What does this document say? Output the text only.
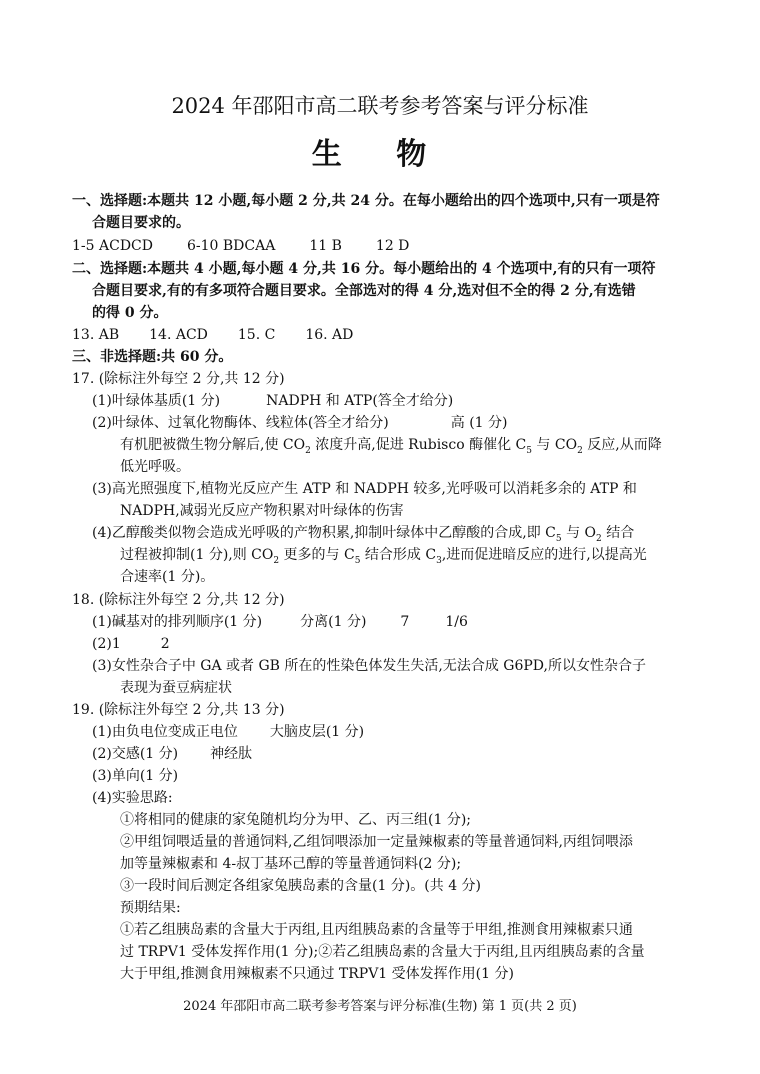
2024 年邵阳市高二联考参考答案与评分标准
生 物
一、选择题:本题共 12 小题,每小题 2 分,共 24 分。在每小题给出的四个选项中,只有一项是符
合题目要求的。
1-5 ACDCD 6-10 BDCAA 11 B 12 D
二、选择题:本题共 4 小题,每小题 4 分,共 16 分。每小题给出的 4 个选项中,有的只有一项符
合题目要求,有的有多项符合题目要求。全部选对的得 4 分,选对但不全的得 2 分,有选错
的得 0 分。
13. AB 14. ACD 15. C 16. AD
三、非选择题:共 60 分。
17. (除标注外每空 2 分,共 12 分)
(1)叶绿体基质(1 分)	NADPH 和 ATP(答全才给分)
(2)叶绿体、过氧化物酶体、线粒体(答全才给分)	高 (1 分)
有机肥被微生物分解后,使 $CO_2$ 浓度升高,促进 Rubisco 酶催化 $C_5$ 与 $CO_2$ 反应,从而降
低光呼吸。
(3)高光照强度下,植物光反应产生 ATP 和 NADPH 较多,光呼吸可以消耗多余的 ATP 和
NADPH,减弱光反应产物积累对叶绿体的伤害
(4)乙醇酸类似物会造成光呼吸的产物积累,抑制叶绿体中乙醇酸的合成,即 $C_5$ 与 $O_2$ 结合
过程被抑制(1 分),则 $CO_2$ 更多的与 $C_5$ 结合形成 $C_3$,进而促进暗反应的进行,以提高光
合速率(1 分)。
18. (除标注外每空 2 分,共 12 分)
(1)碱基对的排列顺序(1 分)	分离(1 分) 7	1/6
(2)1	2
(3)女性杂合子中 GA 或者 GB 所在的性染色体发生失活,无法合成 G6PD,所以女性杂合子
表现为蚕豆病症状
19. (除标注外每空 2 分,共 13 分)
(1)由负电位变成正电位 大脑皮层(1 分)
(2)交感(1 分) 神经肽
(3)单向(1 分)
(4)实验思路:
①将相同的健康的家兔随机均分为甲、乙、丙三组(1 分);
②甲组饲喂适量的普通饲料,乙组饲喂添加一定量辣椒素的等量普通饲料,丙组饲喂添
加等量辣椒素和 4-叔丁基环己醇的等量普通饲料(2 分);
③一段时间后测定各组家兔胰岛素的含量(1 分)。(共 4 分)
预期结果:
①若乙组胰岛素的含量大于丙组,且丙组胰岛素的含量等于甲组,推测食用辣椒素只通
过 TRPV1 受体发挥作用(1 分);②若乙组胰岛素的含量大于丙组,且丙组胰岛素的含量
大于甲组,推测食用辣椒素不只通过 TRPV1 受体发挥作用(1 分)
2024 年邵阳市高二联考参考答案与评分标准(生物) 第 1 页(共 2 页)
